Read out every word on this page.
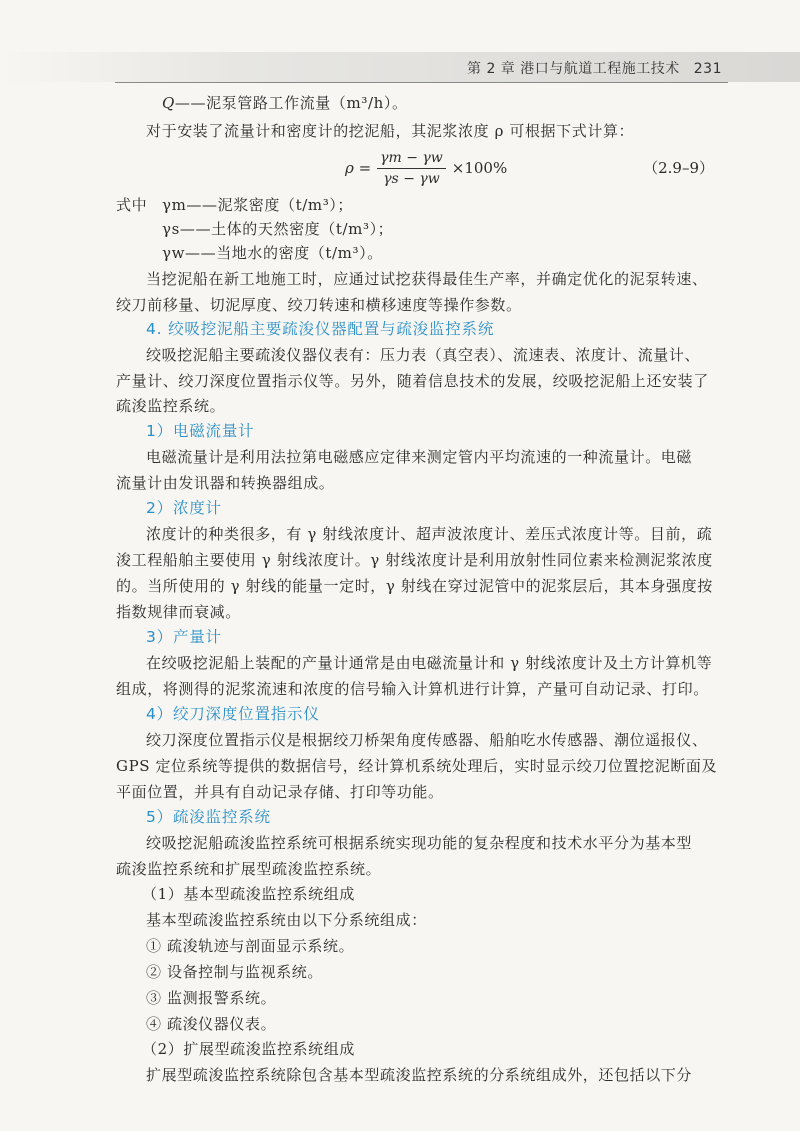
第 2 章 港口与航道工程施工技术 231
Q——泥泵管路工作流量（m³/h）。
对于安装了流量计和密度计的挖泥船，其泥浆浓度 ρ 可根据下式计算：
$\rho = \frac{\gamma m - \gamma w}{\gamma s - \gamma w} \times 100\%$	（2.9–9）
式中 γm——泥浆密度（t/m³）；
γs——土体的天然密度（t/m³）；
γw——当地水的密度（t/m³）。
当挖泥船在新工地施工时，应通过试挖获得最佳生产率，并确定优化的泥泵转速、
绞刀前移量、切泥厚度、绞刀转速和横移速度等操作参数。
4. 绞吸挖泥船主要疏浚仪器配置与疏浚监控系统
绞吸挖泥船主要疏浚仪器仪表有：压力表（真空表）、流速表、浓度计、流量计、
产量计、绞刀深度位置指示仪等。另外，随着信息技术的发展，绞吸挖泥船上还安装了
疏浚监控系统。
1）电磁流量计
电磁流量计是利用法拉第电磁感应定律来测定管内平均流速的一种流量计。电磁
流量计由发讯器和转换器组成。
2）浓度计
浓度计的种类很多，有 γ 射线浓度计、超声波浓度计、差压式浓度计等。目前，疏
浚工程船舶主要使用 γ 射线浓度计。γ 射线浓度计是利用放射性同位素来检测泥浆浓度
的。当所使用的 γ 射线的能量一定时，γ 射线在穿过泥管中的泥浆层后，其本身强度按
指数规律而衰减。
3）产量计
在绞吸挖泥船上装配的产量计通常是由电磁流量计和 γ 射线浓度计及土方计算机等
组成，将测得的泥浆流速和浓度的信号输入计算机进行计算，产量可自动记录、打印。
4）绞刀深度位置指示仪
绞刀深度位置指示仪是根据绞刀桥架角度传感器、船舶吃水传感器、潮位遥报仪、
GPS 定位系统等提供的数据信号，经计算机系统处理后，实时显示绞刀位置挖泥断面及
平面位置，并具有自动记录存储、打印等功能。
5）疏浚监控系统
绞吸挖泥船疏浚监控系统可根据系统实现功能的复杂程度和技术水平分为基本型
疏浚监控系统和扩展型疏浚监控系统。
（1）基本型疏浚监控系统组成
基本型疏浚监控系统由以下分系统组成：
① 疏浚轨迹与剖面显示系统。
② 设备控制与监视系统。
③ 监测报警系统。
④ 疏浚仪器仪表。
（2）扩展型疏浚监控系统组成
扩展型疏浚监控系统除包含基本型疏浚监控系统的分系统组成外，还包括以下分
